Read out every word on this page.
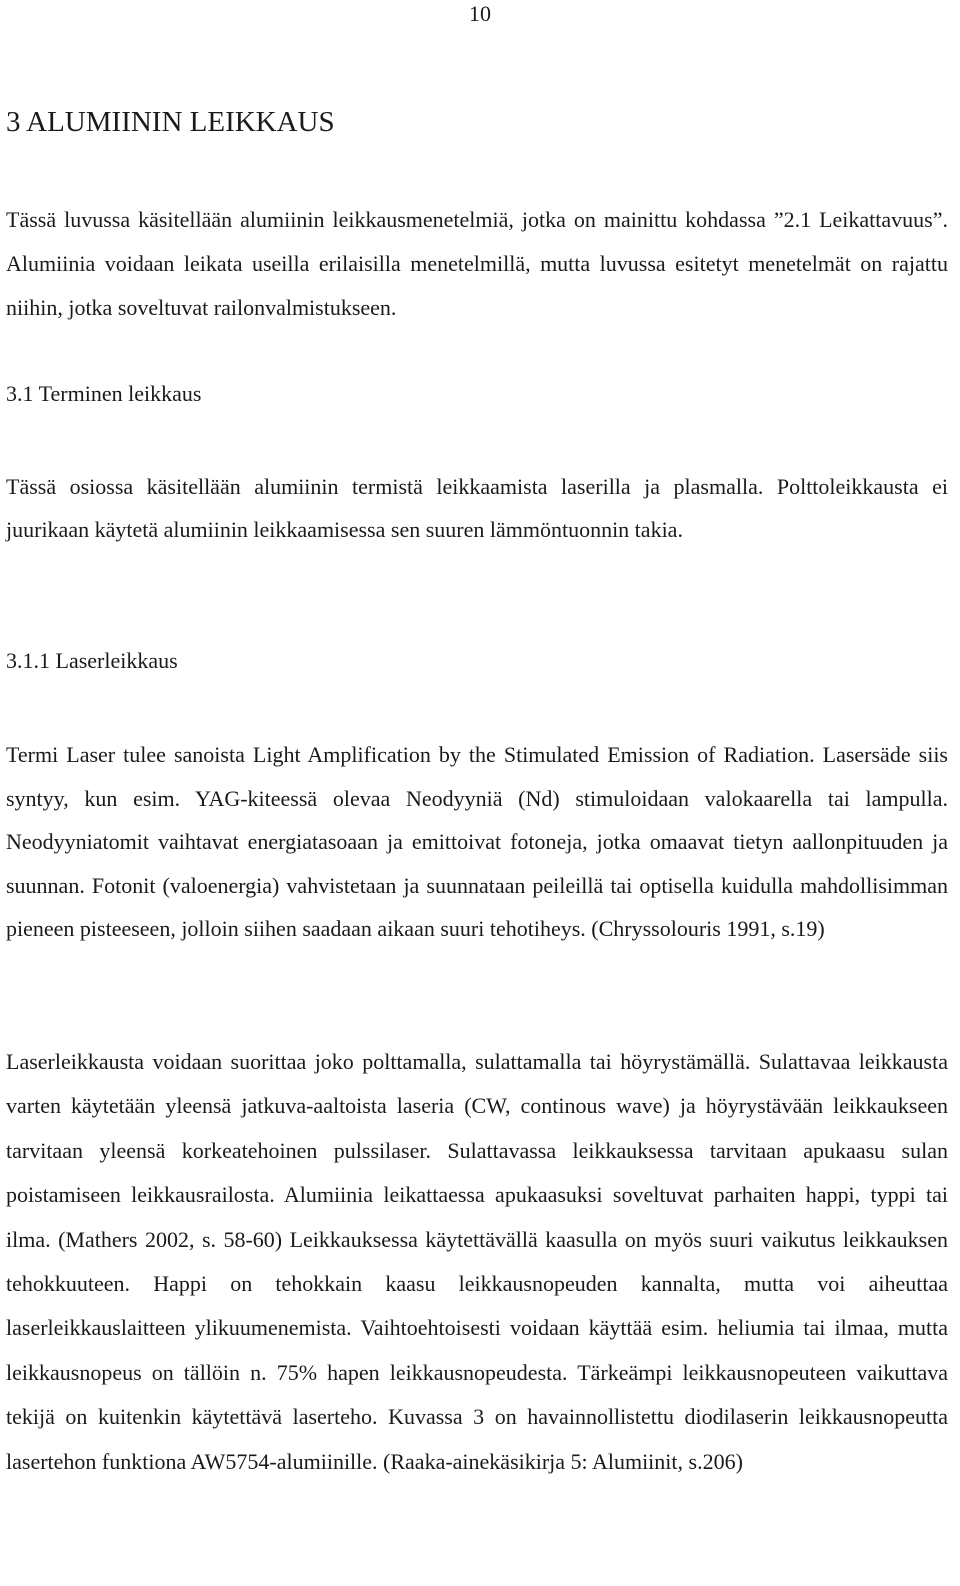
10
3 ALUMIININ LEIKKAUS

Tässä luvussa käsitellään alumiinin leikkausmenetelmiä, jotka on mainittu kohdassa ”2.1 Leikattavuus”. Alumiinia voidaan leikata useilla erilaisilla menetelmillä, mutta luvussa esitetyt menetelmät on rajattu niihin, jotka soveltuvat railonvalmistukseen.

3.1 Terminen leikkaus

Tässä osiossa käsitellään alumiinin termistä leikkaamista laserilla ja plasmalla. Polttoleikkausta ei juurikaan käytetä alumiinin leikkaamisessa sen suuren lämmöntuonnin takia.

3.1.1 Laserleikkaus

Termi Laser tulee sanoista Light Amplification by the Stimulated Emission of Radiation. Lasersäde siis syntyy, kun esim. YAG-kiteessä olevaa Neodyyniä (Nd) stimuloidaan valokaarella tai lampulla. Neodyyniatomit vaihtavat energiatasoaan ja emittoivat fotoneja, jotka omaavat tietyn aallonpituuden ja suunnan. Fotonit (valoenergia) vahvistetaan ja suunnataan peileillä tai optisella kuidulla mahdollisimman pieneen pisteeseen, jolloin siihen saadaan aikaan suuri tehotiheys. (Chryssolouris 1991, s.19)

Laserleikkausta voidaan suorittaa joko polttamalla, sulattamalla tai höyrystämällä. Sulattavaa leikkausta varten käytetään yleensä jatkuva-aaltoista laseria (CW, continous wave) ja höyrystävään leikkaukseen tarvitaan yleensä korkeatehoinen pulssilaser. Sulattavassa leikkauksessa tarvitaan apukaasu sulan poistamiseen leikkausrailosta. Alumiinia leikattaessa apukaasuksi soveltuvat parhaiten happi, typpi tai ilma. (Mathers 2002, s. 58-60) Leikkauksessa käytettävällä kaasulla on myös suuri vaikutus leikkauksen tehokkuuteen. Happi on tehokkain kaasu leikkausnopeuden kannalta, mutta voi aiheuttaa laserleikkauslaitteen ylikuumenemista. Vaihtoehtoisesti voidaan käyttää esim. heliumia tai ilmaa, mutta leikkausnopeus on tällöin n. 75% hapen leikkausnopeudesta. Tärkeämpi leikkausnopeuteen vaikuttava tekijä on kuitenkin käytettävä laserteho. Kuvassa 3 on havainnollistettu diodilaserin leikkausnopeutta lasertehon funktiona AW5754-alumiinille. (Raaka-ainekäsikirja 5: Alumiinit, s.206)
